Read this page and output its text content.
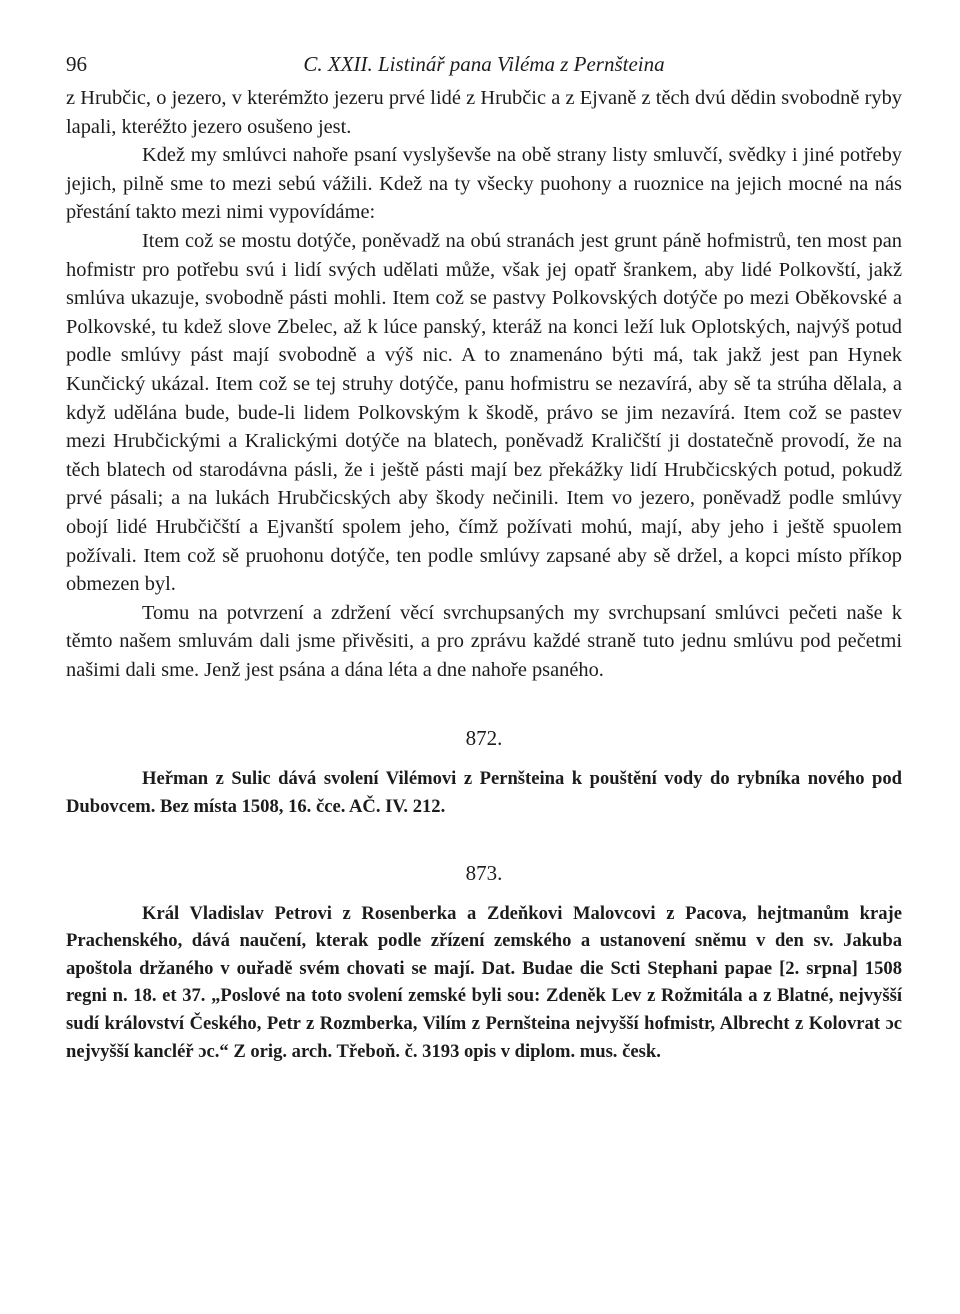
96	C. XXII. Listinář pana Viléma z Pernšteina

z Hrubčic, o jezero, v kterémžto jezeru prvé lidé z Hrubčic a z Ejvaně z těch dvú dědin svobodně ryby lapali, kteréžto jezero osušeno jest.

Kdež my smlúvci nahoře psaní vyslyševše na obě strany listy smluvčí, svědky i jiné potřeby jejich, pilně sme to mezi sebú vážili. Kdež na ty všecky puohony a ruoznice na jejich mocné na nás přestání takto mezi nimi vypovídáme:

Item což se mostu dotýče, poněvadž na obú stranách jest grunt páně hofmistrů, ten most pan hofmistr pro potřebu svú i lidí svých udělati může, však jej opatř šrankem, aby lidé Polkovští, jakž smlúva ukazuje, svobodně pásti mohli. Item což se pastvy Polkovských dotýče po mezi Oběkovské a Polkovské, tu kdež slove Zbelec, až k lúce panský, kteráž na konci leží luk Oplotských, najvýš potud podle smlúvy pást mají svobodně a výš nic. A to znamenáno býti má, tak jakž jest pan Hynek Kunčický ukázal. Item což se tej struhy dotýče, panu hofmistru se nezavírá, aby sě ta strúha dělala, a když udělána bude, bude-li lidem Polkovským k škodě, právo se jim nezavírá. Item což se pastev mezi Hrubčickými a Kralickými dotýče na blatech, poněvadž Kraličští ji dostatečně provodí, že na těch blatech od starodávna pásli, že i ještě pásti mají bez překážky lidí Hrubčicských potud, pokudž prvé pásali; a na lukách Hrubčicských aby škody nečinili. Item vo jezero, poněvadž podle smlúvy obojí lidé Hrubčičští a Ejvanští spolem jeho, čímž požívati mohú, mají, aby jeho i ještě spuolem požívali. Item což sě pruohonu dotýče, ten podle smlúvy zapsané aby sě držel, a kopci místo příkop obmezen byl.

Tomu na potvrzení a zdržení věcí svrchupsaných my svrchupsaní smlúvci pečeti naše k těmto našem smluvám dali jsme přivěsiti, a pro zprávu každé straně tuto jednu smlúvu pod pečetmi našimi dali sme. Jenž jest psána a dána léta a dne nahoře psaného.

872.

Heřman z Sulic dává svolení Vilémovi z Pernšteina k pouštění vody do rybníka nového pod Dubovcem. Bez místa 1508, 16. čce. AČ. IV. 212.

873.

Král Vladislav Petrovi z Rosenberka a Zdeňkovi Malovcovi z Pacova, hejtmanům kraje Prachenského, dává naučení, kterak podle zřízení zemského a ustanovení sněmu v den sv. Jakuba apoštola držaného v ouřadě svém chovati se mají. Dat. Budae die Scti Stephani papae [2. srpna] 1508 regni n. 18. et 37. „Poslové na toto svolení zemské byli sou: Zdeněk Lev z Rožmitála a z Blatné, nejvyšší sudí království Českého, Petr z Rozmberka, Vilím z Pernšteina nejvyšší hofmistr, Albrecht z Kolovrat ɔc nejvyšší kancléř ɔc.“ Z orig. arch. Třeboň. č. 3193 opis v diplom. mus. česk.
